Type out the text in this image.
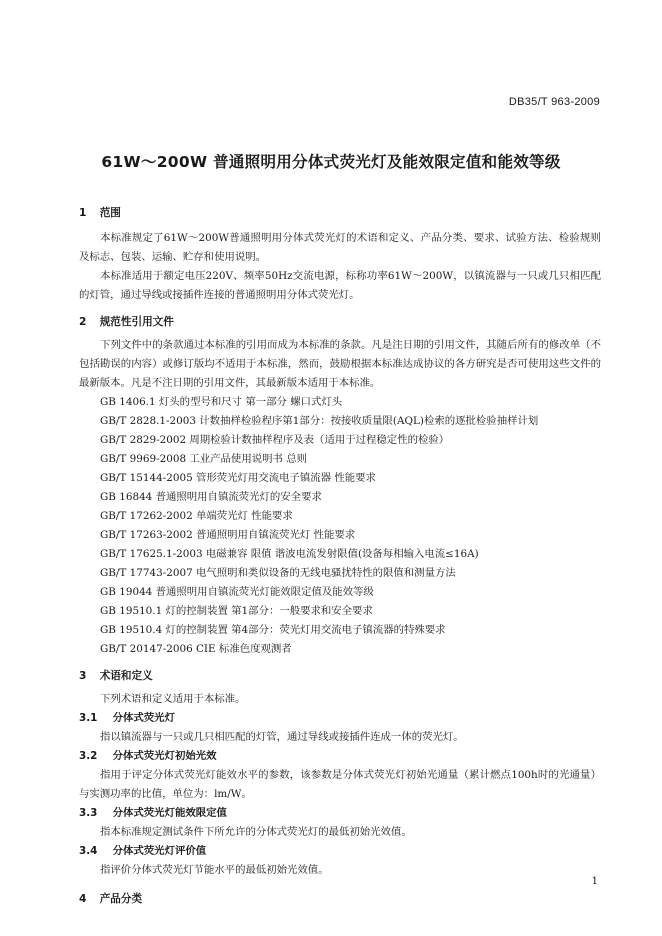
DB35/T 963-2009
61W～200W 普通照明用分体式荧光灯及能效限定值和能效等级
1 范围
本标准规定了61W～200W普通照明用分体式荧光灯的术语和定义、产品分类、要求、试验方法、检验规则及标志、包装、运输、贮存和使用说明。
本标准适用于额定电压220V、频率50Hz交流电源，标称功率61W～200W，以镇流器与一只或几只相匹配的灯管，通过导线或接插件连接的普通照明用分体式荧光灯。
2 规范性引用文件
下列文件中的条款通过本标准的引用而成为本标准的条款。凡是注日期的引用文件，其随后所有的修改单（不包括勘误的内容）或修订版均不适用于本标准，然而，鼓励根据本标准达成协议的各方研究是否可使用这些文件的最新版本。凡是不注日期的引用文件，其最新版本适用于本标准。
GB 1406.1 灯头的型号和尺寸 第一部分 螺口式灯头
GB/T 2828.1-2003 计数抽样检验程序第1部分：按接收质量限(AQL)检索的逐批检验抽样计划
GB/T 2829-2002 周期检验计数抽样程序及表（适用于过程稳定性的检验）
GB/T 9969-2008 工业产品使用说明书 总则
GB/T 15144-2005 管形荧光灯用交流电子镇流器 性能要求
GB 16844 普通照明用自镇流荧光灯的安全要求
GB/T 17262-2002 单端荧光灯 性能要求
GB/T 17263-2002 普通照明用自镇流荧光灯 性能要求
GB/T 17625.1-2003 电磁兼容 限值 谐波电流发射限值(设备每相输入电流≤16A)
GB/T 17743-2007 电气照明和类似设备的无线电骚扰特性的限值和测量方法
GB 19044 普通照明用自镇流荧光灯能效限定值及能效等级
GB 19510.1 灯的控制装置 第1部分：一般要求和安全要求
GB 19510.4 灯的控制装置 第4部分：荧光灯用交流电子镇流器的特殊要求
GB/T 20147-2006 CIE 标准色度观测者
3 术语和定义
下列术语和定义适用于本标准。
3.1 分体式荧光灯
指以镇流器与一只或几只相匹配的灯管，通过导线或接插件连成一体的荧光灯。
3.2 分体式荧光灯初始光效
指用于评定分体式荧光灯能效水平的参数，该参数是分体式荧光灯初始光通量（累计燃点100h时的光通量）与实测功率的比值，单位为：lm/W。
3.3 分体式荧光灯能效限定值
指本标准规定测试条件下所允许的分体式荧光灯的最低初始光效值。
3.4 分体式荧光灯评价值
指评价分体式荧光灯节能水平的最低初始光效值。
4 产品分类
1
